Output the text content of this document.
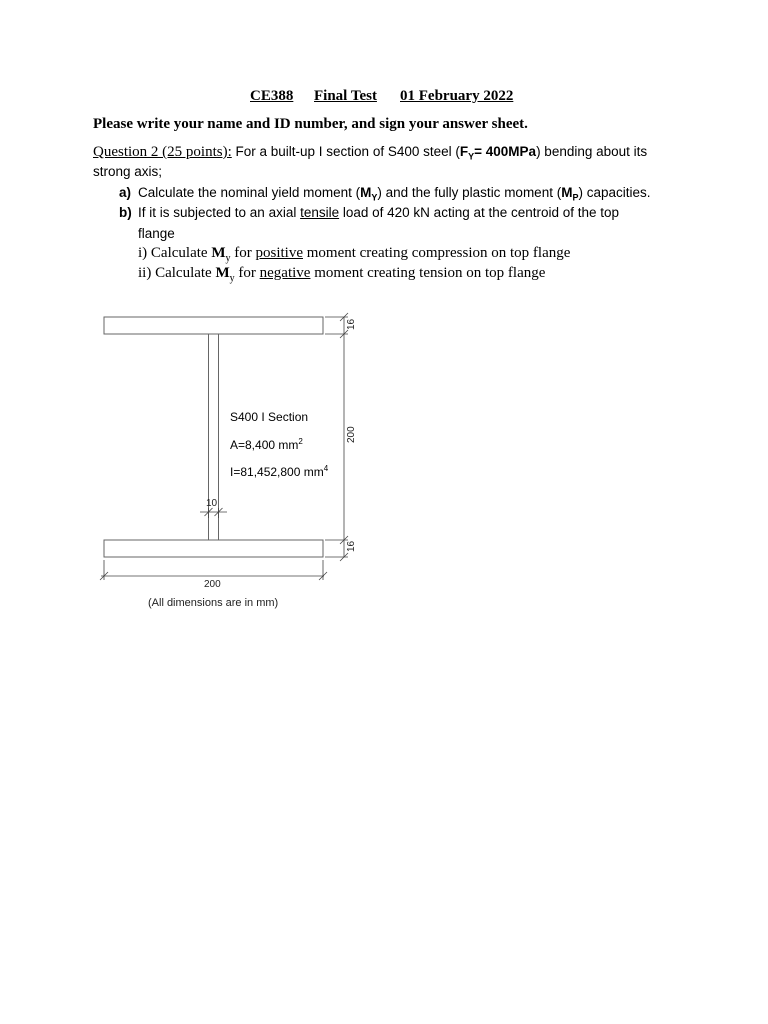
CE388 Final Test 01 February 2022
Please write your name and ID number, and sign your answer sheet.
Question 2 (25 points): For a built-up I section of S400 steel $(F_Y= 400MPa)$ bending about its
strong axis;
a) Calculate the nominal yield moment $(M_Y)$ and the fully plastic moment $(M_P)$ capacities.
b) If it is subjected to an axial tensile load of 420 kN acting at the centroid of the top
flange
i) Calculate $M_y$ for positive moment creating compression on top flange
ii) Calculate $M_y$ for negative moment creating tension on top flange
S400 I Section
A=8,400 $mm^2$
I=81,452,800 $mm^4$
10
16
200
16
200
(All dimensions are in mm)
